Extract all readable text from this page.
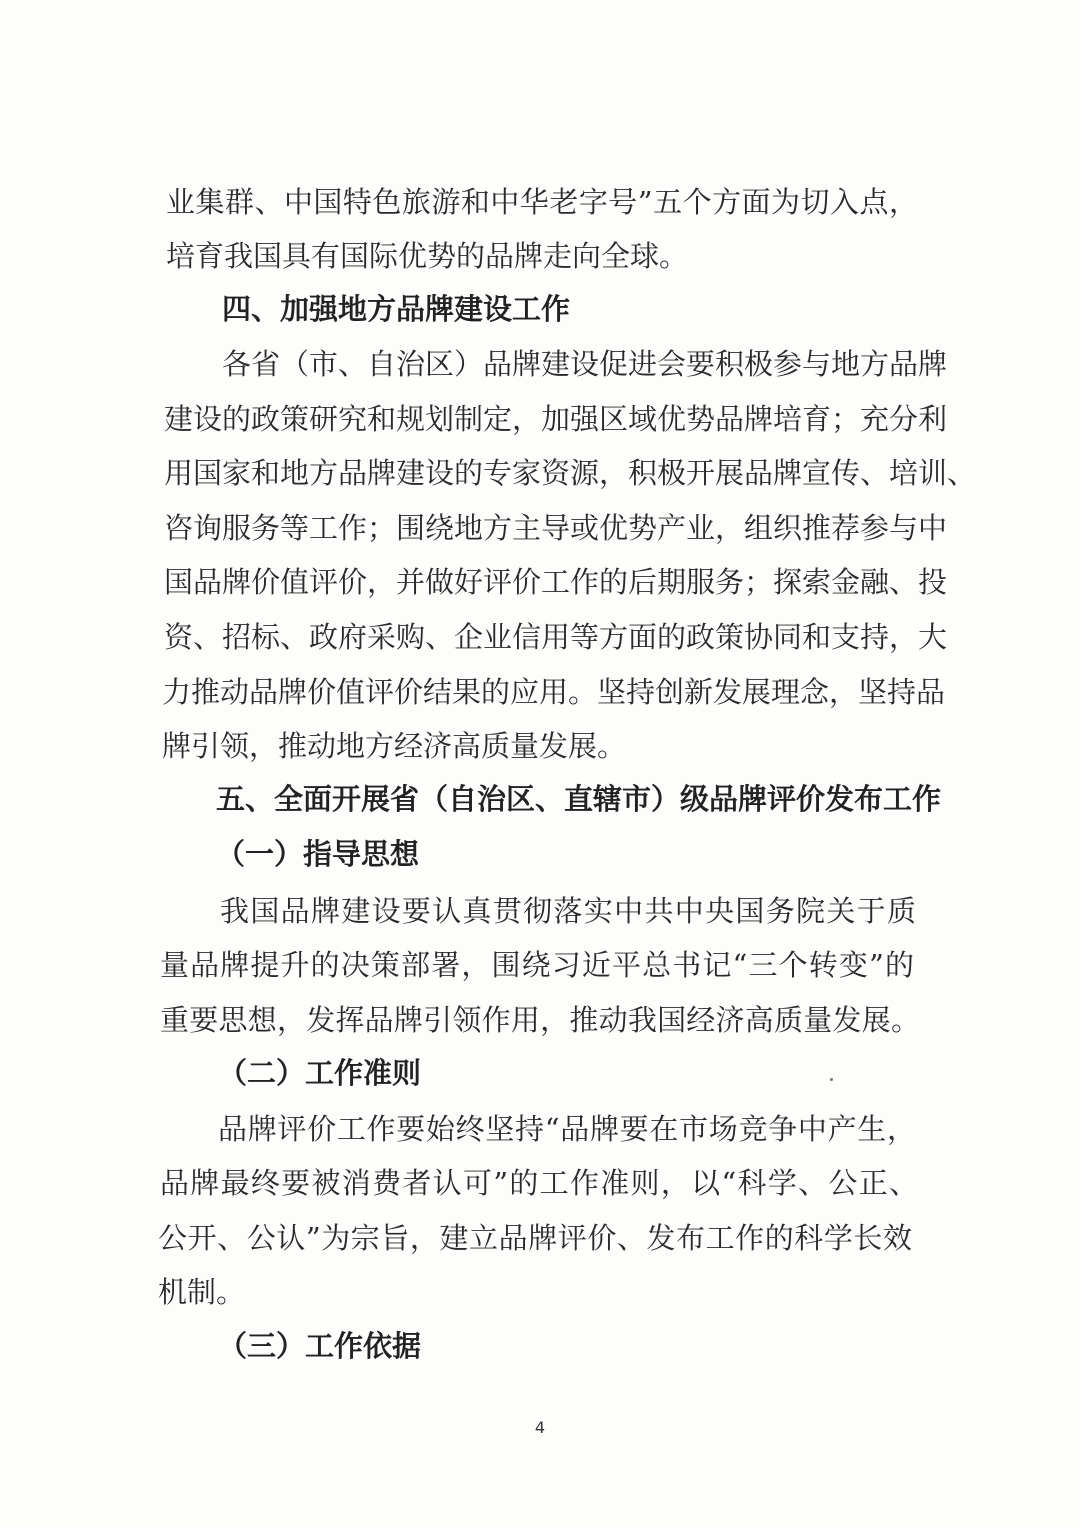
业集群、中国特色旅游和中华老字号”五个方面为切入点，
培育我国具有国际优势的品牌走向全球。
四、加强地方品牌建设工作
各省（市、自治区）品牌建设促进会要积极参与地方品牌
建设的政策研究和规划制定，加强区域优势品牌培育；充分利
用国家和地方品牌建设的专家资源，积极开展品牌宣传、培训、
咨询服务等工作；围绕地方主导或优势产业，组织推荐参与中
国品牌价值评价，并做好评价工作的后期服务；探索金融、投
资、招标、政府采购、企业信用等方面的政策协同和支持，大
力推动品牌价值评价结果的应用。坚持创新发展理念，坚持品
牌引领，推动地方经济高质量发展。
五、全面开展省（自治区、直辖市）级品牌评价发布工作
（一）指导思想
我国品牌建设要认真贯彻落实中共中央国务院关于质
量品牌提升的决策部署，围绕习近平总书记“三个转变”的
重要思想，发挥品牌引领作用，推动我国经济高质量发展。
（二）工作准则
品牌评价工作要始终坚持“品牌要在市场竞争中产生，
品牌最终要被消费者认可”的工作准则，以“科学、公正、
公开、公认”为宗旨，建立品牌评价、发布工作的科学长效
机制。
（三）工作依据
4
